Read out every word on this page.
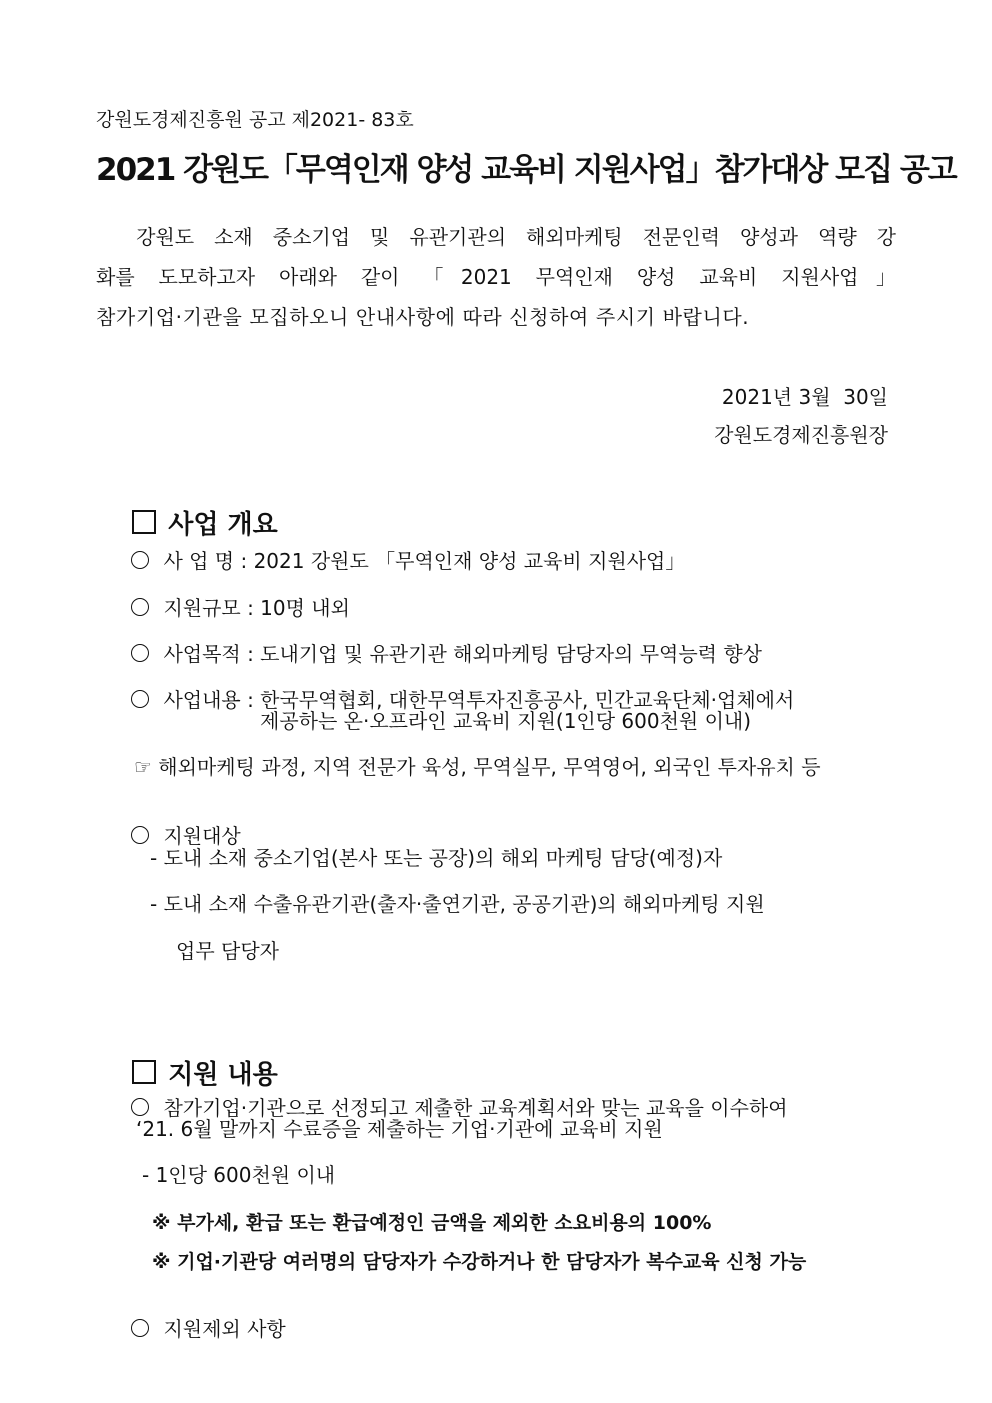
강원도경제진흥원 공고 제2021- 83호
2021 강원도「무역인재 양성 교육비 지원사업」참가대상 모집 공고
강원도 소재 중소기업 및 유관기관의 해외마케팅 전문인력 양성과 역량 강
화를 도모하고자 아래와 같이 「2021 무역인재 양성 교육비 지원사업」
참가기업·기관을 모집하오니 안내사항에 따라 신청하여 주시기 바랍니다.
2021년 3월  30일
강원도경제진흥원장

사업 개요

사 업 명 : 2021 강원도 「무역인재 양성 교육비 지원사업」

지원규모 : 10명 내외

사업목적 : 도내기업 및 유관기관 해외마케팅 담당자의 무역능력 향상

사업내용 : 한국무역협회, 대한무역투자진흥공사, 민간교육단체·업체에서

제공하는 온·오프라인 교육비 지원(1인당 600천원 이내)
☞ 해외마케팅 과정, 지역 전문가 육성, 무역실무, 무역영어, 외국인 투자유치 등

지원대상

- 도내 소재 중소기업(본사 또는 공장)의 해외 마케팅 담당(예정)자
- 도내 소재 수출유관기관(출자·출연기관, 공공기관)의 해외마케팅 지원
업무 담당자

지원 내용

참가기업·기관으로 선정되고 제출한 교육계획서와 맞는 교육을 이수하여

‘21. 6월 말까지 수료증을 제출하는 기업·기관에 교육비 지원
- 1인당 600천원 이내
※ 부가세, 환급 또는 환급예정인 금액을 제외한 소요비용의 100%
※ 기업·기관당 여러명의 담당자가 수강하거나 한 담당자가 복수교육 신청 가능

지원제외 사항
